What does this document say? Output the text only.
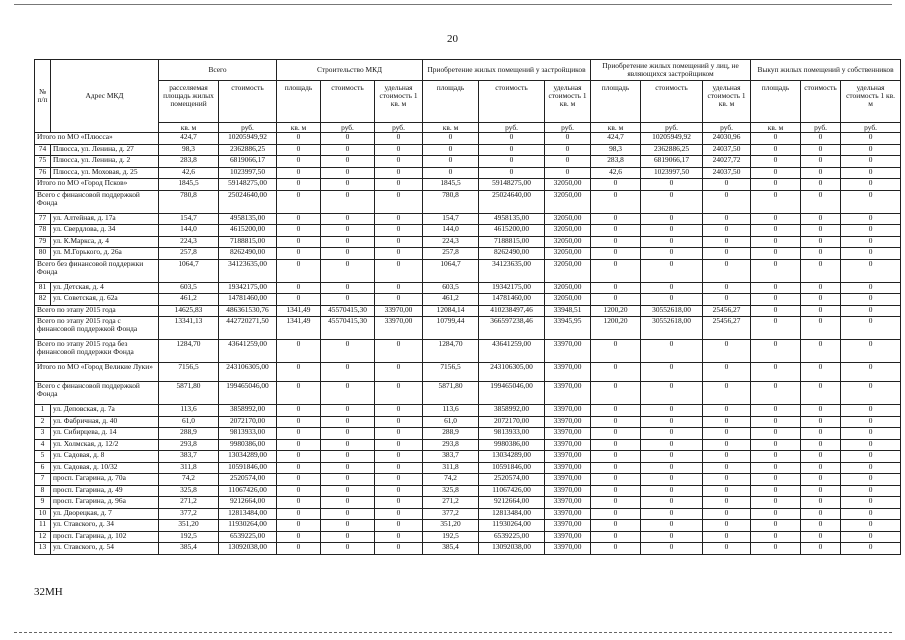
20
№ п/п	Адрес МКД	Всего		Строительство МКД			Приобретение жилых помещений у застройщиков			Приобретение жилых помещений у лиц, не являющихся застройщиком			Выкуп жилых помещений у собственников		
		расселяемая площадь жилых помещений	стоимость	площадь	стоимость	удельная стоимость 1 кв. м	площадь	стоимость	удельная стоимость 1 кв. м	площадь	стоимость	удельная стоимость 1 кв. м	площадь	стоимость	удельная стоимость 1 кв. м
		кв. м	руб.	кв. м	руб.	руб.	кв. м	руб.	руб.	кв. м	руб.	руб.	кв. м	руб.	руб.
Итого по МО «Плюсса»		424,7	10205949,92	0	0	0	0	0	0	424,7	10205949,92	24030,96	0	0	0
74	Плюсса, ул. Ленина, д. 27	98,3	2362886,25	0	0	0	0	0	0	98,3	2362886,25	24037,50	0	0	0
75	Плюсса, ул. Ленина, д. 2	283,8	6819066,17	0	0	0	0	0	0	283,8	6819066,17	24027,72	0	0	0
76	Плюсса, ул. Моховая, д. 25	42,6	1023997,50	0	0	0	0	0	0	42,6	1023997,50	24037,50	0	0	0
Итого по МО «Город Псков»		1845,5	59148275,00	0	0	0	1845,5	59148275,00	32050,00	0	0	0	0	0	0
Всего с финансовой поддержкой Фонда		780,8	25024640,00	0	0	0	780,8	25024640,00	32050,00	0	0	0	0	0	0
77	ул. Алтейная, д. 17а	154,7	4958135,00	0	0	0	154,7	4958135,00	32050,00	0	0	0	0	0	0
78	ул. Свердлова, д. 34	144,0	4615200,00	0	0	0	144,0	4615200,00	32050,00	0	0	0	0	0	0
79	ул. К.Маркса, д. 4	224,3	7188815,00	0	0	0	224,3	7188815,00	32050,00	0	0	0	0	0	0
80	ул. М.Горького, д. 26а	257,8	8262490,00	0	0	0	257,8	8262490,00	32050,00	0	0	0	0	0	0
Всего без финансовой поддержки Фонда		1064,7	34123635,00	0	0	0	1064,7	34123635,00	32050,00	0	0	0	0	0	0
81	ул. Детская, д. 4	603,5	19342175,00	0	0	0	603,5	19342175,00	32050,00	0	0	0	0	0	0
82	ул. Советская, д. 62а	461,2	14781460,00	0	0	0	461,2	14781460,00	32050,00	0	0	0	0	0	0
Всего по этапу 2015 года		14625,83	486361530,76	1341,49	45570415,30	33970,00	12084,14	410238497,46	33948,51	1200,20	30552618,00	25456,27	0	0	0
Всего по этапу 2015 года с финансовой поддержкой Фонда		13341,13	442720271,50	1341,49	45570415,30	33970,00	10799,44	366597238,46	33945,95	1200,20	30552618,00	25456,27	0	0	0
Всего по этапу 2015 года без финансовой поддержки Фонда		1284,70	43641259,00	0	0	0	1284,70	43641259,00	33970,00	0	0	0	0	0	0
Итого по МО «Город Великие Луки»		7156,5	243106305,00	0	0	0	7156,5	243106305,00	33970,00	0	0	0	0	0	0
Всего с финансовой поддержкой Фонда		5871,80	199465046,00	0	0	0	5871,80	199465046,00	33970,00	0	0	0	0	0	0
1	ул. Деповская, д. 7а	113,6	3858992,00	0	0	0	113,6	3858992,00	33970,00	0	0	0	0	0	0
2	ул. Фабричная, д. 40	61,0	2072170,00	0	0	0	61,0	2072170,00	33970,00	0	0	0	0	0	0
3	ул. Сибирцева, д. 14	288,9	9813933,00	0	0	0	288,9	9813933,00	33970,00	0	0	0	0	0	0
4	ул. Холмская, д. 12/2	293,8	9980386,00	0	0	0	293,8	9980386,00	33970,00	0	0	0	0	0	0
5	ул. Садовая, д. 8	383,7	13034289,00	0	0	0	383,7	13034289,00	33970,00	0	0	0	0	0	0
6	ул. Садовая, д. 10/32	311,8	10591846,00	0	0	0	311,8	10591846,00	33970,00	0	0	0	0	0	0
7	просп. Гагарина, д. 70а	74,2	2520574,00	0	0	0	74,2	2520574,00	33970,00	0	0	0	0	0	0
8	просп. Гагарина, д. 49	325,8	11067426,00	0	0	0	325,8	11067426,00	33970,00	0	0	0	0	0	0
9	просп. Гагарина, д. 96а	271,2	9212664,00	0	0	0	271,2	9212664,00	33970,00	0	0	0	0	0	0
10	ул. Дворецкая, д. 7	377,2	12813484,00	0	0	0	377,2	12813484,00	33970,00	0	0	0	0	0	0
11	ул. Ставского, д. 34	351,20	11930264,00	0	0	0	351,20	11930264,00	33970,00	0	0	0	0	0	0
12	просп. Гагарина, д. 102	192,5	6539225,00	0	0	0	192,5	6539225,00	33970,00	0	0	0	0	0	0
13	ул. Ставского, д. 54	385,4	13092038,00	0	0	0	385,4	13092038,00	33970,00	0	0	0	0	0	0
32МН
